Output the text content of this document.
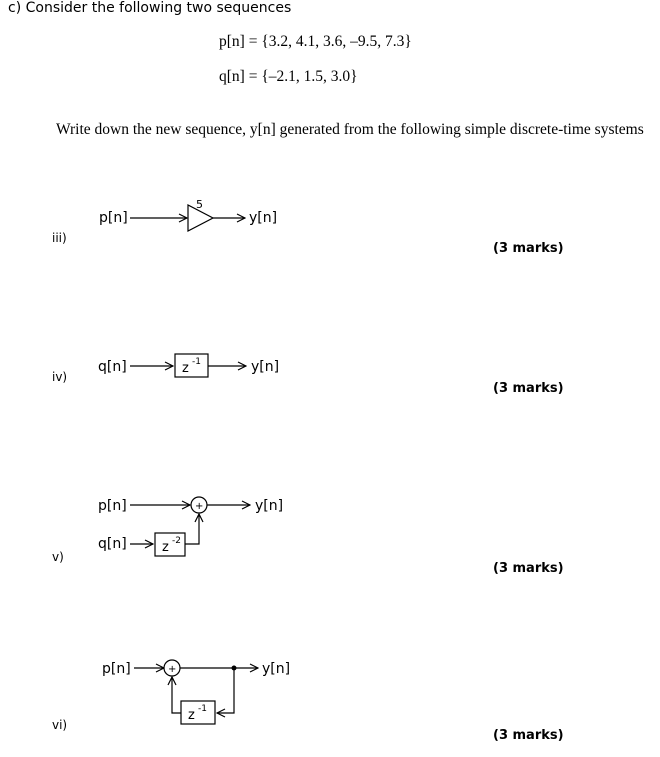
c) Consider the following two sequences
p[n] = {3.2, 4.1, 3.6, –9.5, 7.3}
q[n] = {–2.1, 1.5, 3.0}
Write down the new sequence, y[n] generated from the following simple discrete-time systems
iii)
(3 marks)
iv)
(3 marks)
v)
(3 marks)
vi)
(3 marks)
p[n]
5
y[n]
q[n]	z -1	y[n]
p[n]	+	y[n]
q[n]	z -2
p[n]	+	y[n]
z -1
